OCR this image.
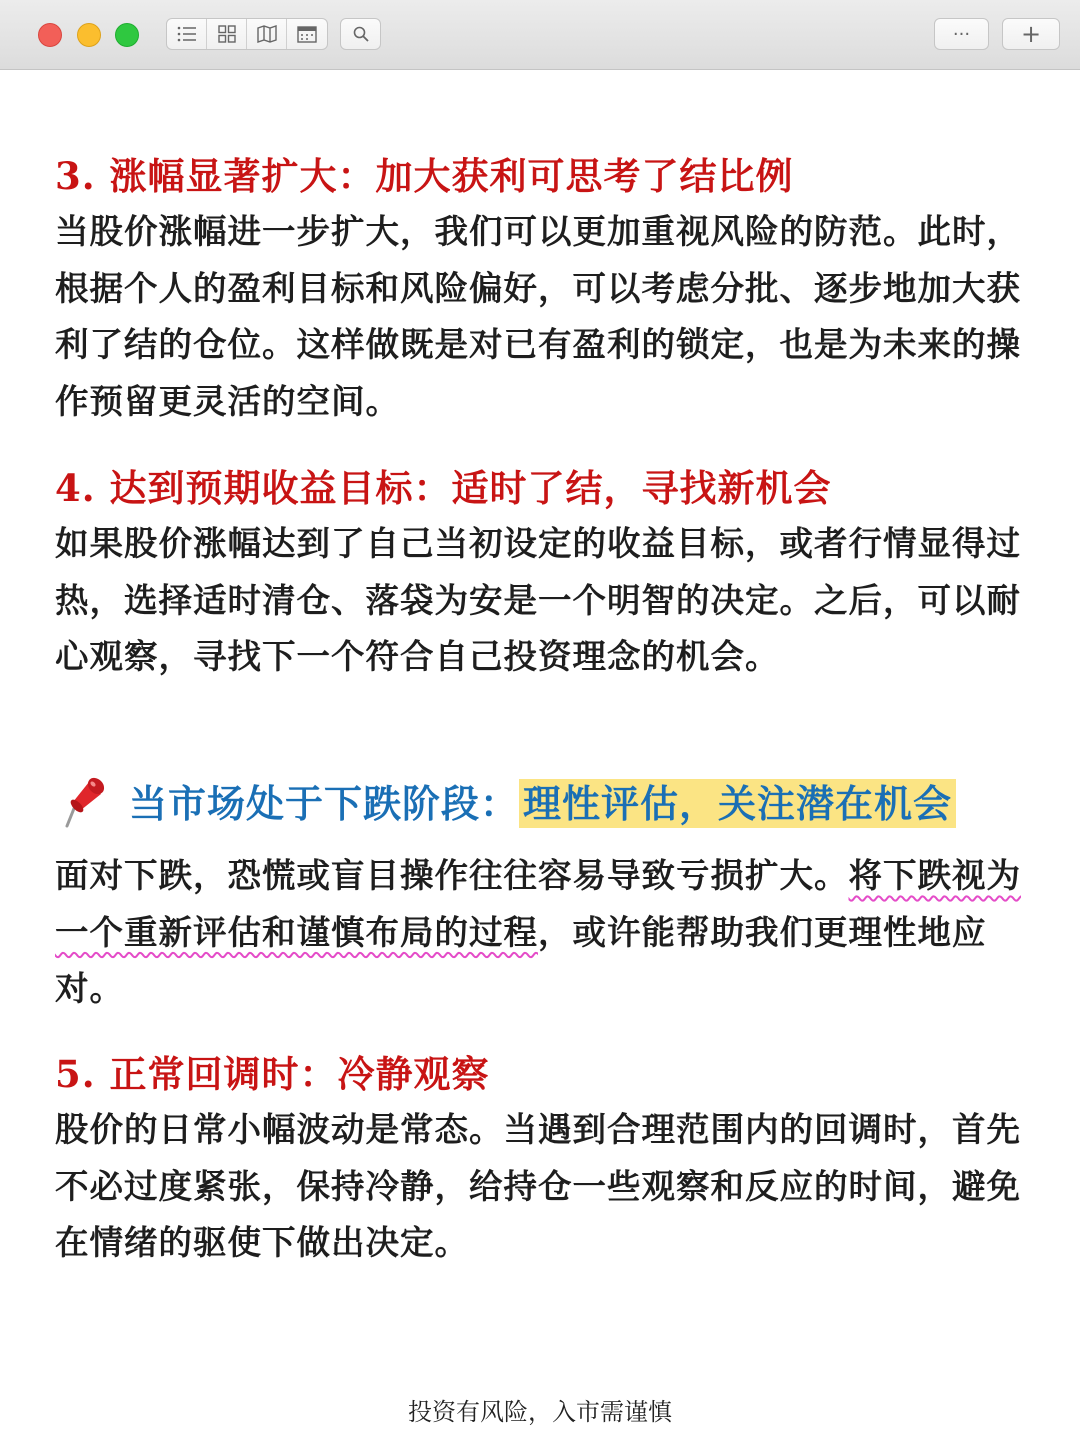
··· +
3. 涨幅显著扩大：加大获利可思考了结比例
当股价涨幅进一步扩大，我们可以更加重视风险的防范。此时，根据个人的盈利目标和风险偏好，可以考虑分批、逐步地加大获利了结的仓位。这样做既是对已有盈利的锁定，也是为未来的操作预留更灵活的空间。
4. 达到预期收益目标：适时了结，寻找新机会
如果股价涨幅达到了自己当初设定的收益目标，或者行情显得过热，选择适时清仓、落袋为安是一个明智的决定。之后，可以耐心观察，寻找下一个符合自己投资理念的机会。
当市场处于下跌阶段： 理性评估，关注潜在机会
面对下跌，恐慌或盲目操作往往容易导致亏损扩大。将下跌视为一个重新评估和谨慎布局的过程，或许能帮助我们更理性地应对。
5. 正常回调时：冷静观察
股价的日常小幅波动是常态。当遇到合理范围内的回调时，首先不必过度紧张，保持冷静，给持仓一些观察和反应的时间，避免在情绪的驱使下做出决定。
投资有风险，入市需谨慎
